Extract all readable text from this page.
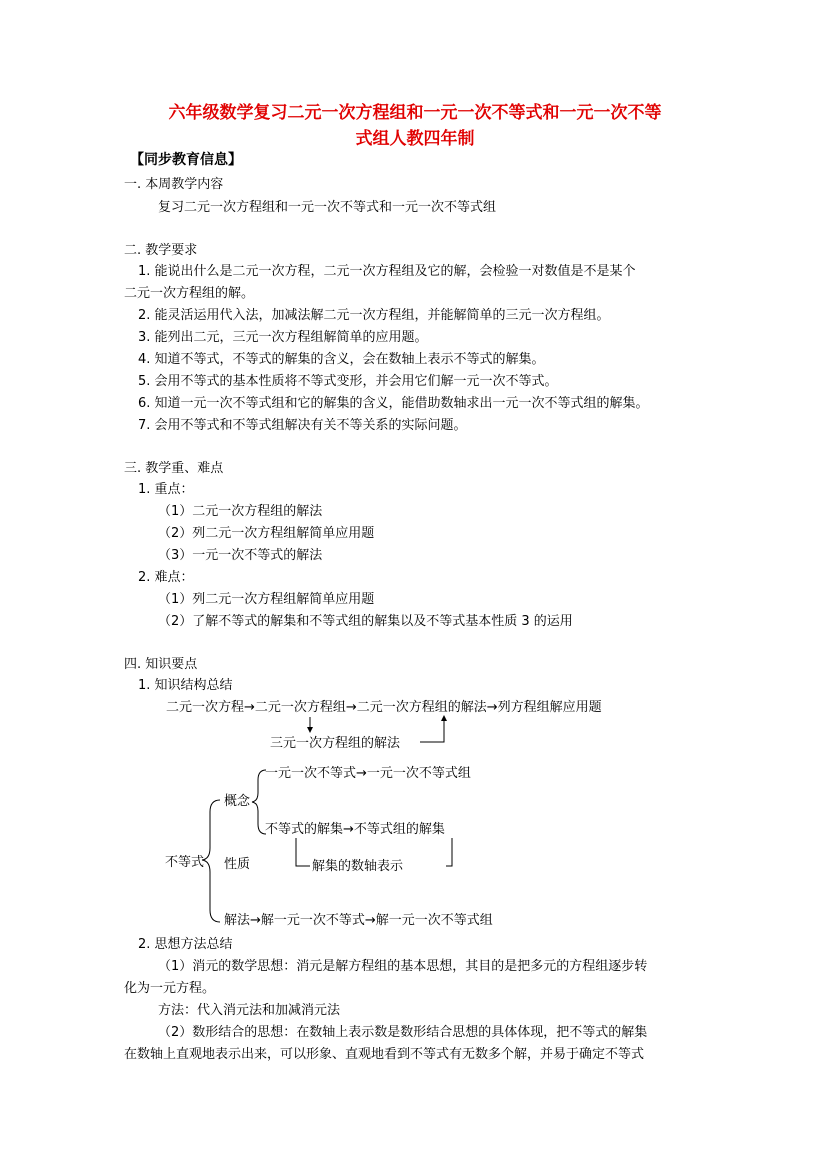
六年级数学复习二元一次方程组和一元一次不等式和一元一次不等

式组人教四年制

【同步教育信息】

一. 本周教学内容

复习二元一次方程组和一元一次不等式和一元一次不等式组

二. 教学要求

1. 能说出什么是二元一次方程，二元一次方程组及它的解，会检验一对数值是不是某个

二元一次方程组的解。

2. 能灵活运用代入法，加减法解二元一次方程组，并能解简单的三元一次方程组。

3. 能列出二元，三元一次方程组解简单的应用题。

4. 知道不等式，不等式的解集的含义，会在数轴上表示不等式的解集。

5. 会用不等式的基本性质将不等式变形，并会用它们解一元一次不等式。

6. 知道一元一次不等式组和它的解集的含义，能借助数轴求出一元一次不等式组的解集。

7. 会用不等式和不等式组解决有关不等关系的实际问题。

三. 教学重、难点

1. 重点：

（1）二元一次方程组的解法

（2）列二元一次方程组解简单应用题

（3）一元一次不等式的解法

2. 难点：

（1）列二元一次方程组解简单应用题

（2）了解不等式的解集和不等式组的解集以及不等式基本性质 3 的运用

四. 知识要点

1. 知识结构总结

二元一次方程→二元一次方程组→二元一次方程组的解法→列方程组解应用题
三元一次方程组的解法
不等式
概念
一元一次不等式→一元一次不等式组
不等式的解集→不等式组的解集
性质	解集的数轴表示
解法→解一元一次不等式→解一元一次不等式组

2. 思想方法总结

（1）消元的数学思想：消元是解方程组的基本思想，其目的是把多元的方程组逐步转

化为一元方程。

方法：代入消元法和加减消元法

（2）数形结合的思想：在数轴上表示数是数形结合思想的具体体现，把不等式的解集

在数轴上直观地表示出来，可以形象、直观地看到不等式有无数多个解，并易于确定不等式
